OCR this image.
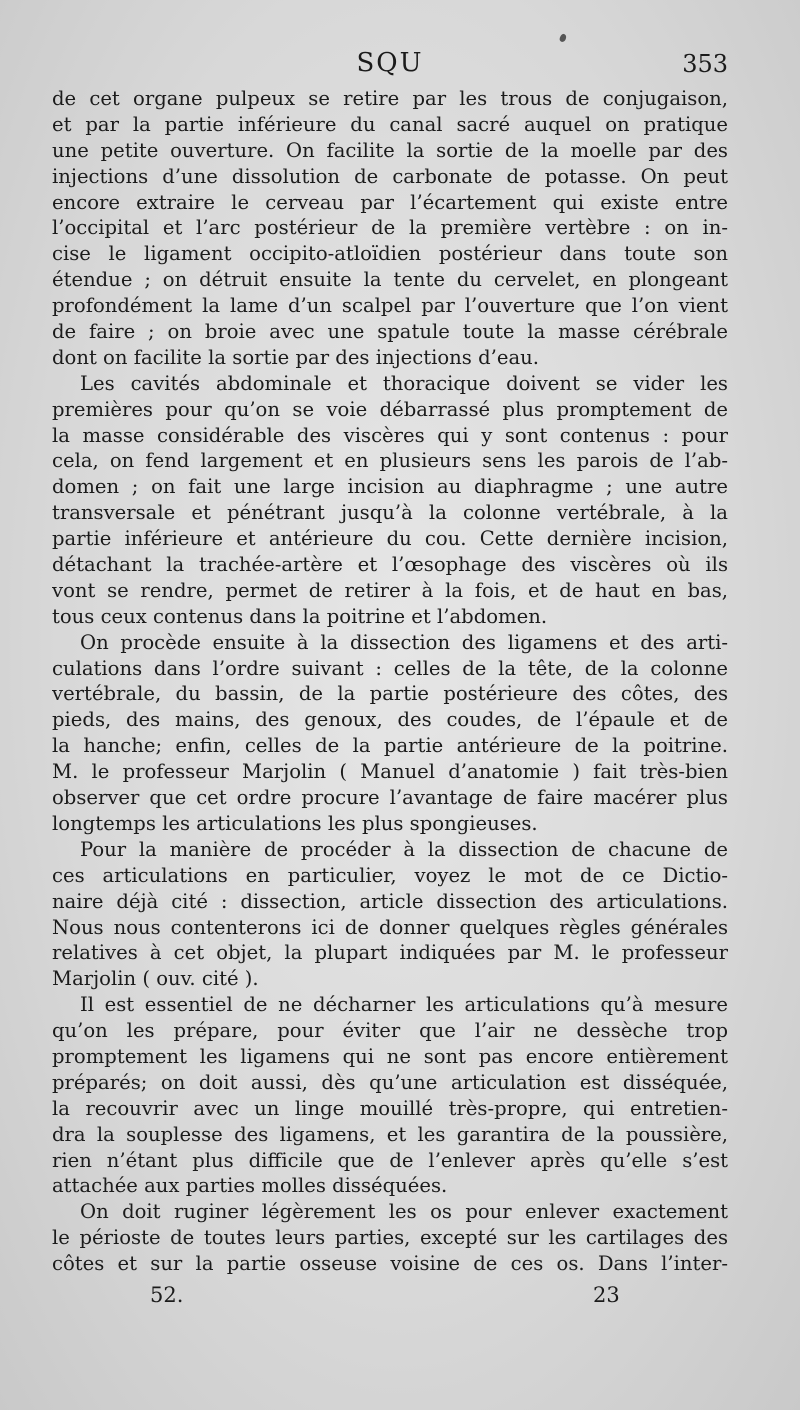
SQU	353
de cet organe pulpeux se retire par les trous de conjugaison,
et par la partie inférieure du canal sacré auquel on pratique
une petite ouverture. On facilite la sortie de la moelle par des
injections d’une dissolution de carbonate de potasse. On peut
encore extraire le cerveau par l’écartement qui existe entre
l’occipital et l’arc postérieur de la première vertèbre : on in-
cise le ligament occipito-atloïdien postérieur dans toute son
étendue ; on détruit ensuite la tente du cervelet, en plongeant
profondément la lame d’un scalpel par l’ouverture que l’on vient
de faire ; on broie avec une spatule toute la masse cérébrale
dont on facilite la sortie par des injections d’eau.
Les cavités abdominale et thoracique doivent se vider les
premières pour qu’on se voie débarrassé plus promptement de
la masse considérable des viscères qui y sont contenus : pour
cela, on fend largement et en plusieurs sens les parois de l’ab-
domen ; on fait une large incision au diaphragme ; une autre
transversale et pénétrant jusqu’à la colonne vertébrale, à la
partie inférieure et antérieure du cou. Cette dernière incision,
détachant la trachée-artère et l’œsophage des viscères où ils
vont se rendre, permet de retirer à la fois, et de haut en bas,
tous ceux contenus dans la poitrine et l’abdomen.
On procède ensuite à la dissection des ligamens et des arti-
culations dans l’ordre suivant : celles de la tête, de la colonne
vertébrale, du bassin, de la partie postérieure des côtes, des
pieds, des mains, des genoux, des coudes, de l’épaule et de
la hanche; enfin, celles de la partie antérieure de la poitrine.
M. le professeur Marjolin ( Manuel d’anatomie ) fait très-bien
observer que cet ordre procure l’avantage de faire macérer plus
longtemps les articulations les plus spongieuses.
Pour la manière de procéder à la dissection de chacune de
ces articulations en particulier, voyez le mot de ce Dictio-
naire déjà cité : dissection, article dissection des articulations.
Nous nous contenterons ici de donner quelques règles générales
relatives à cet objet, la plupart indiquées par M. le professeur
Marjolin ( ouv. cité ).
Il est essentiel de ne décharner les articulations qu’à mesure
qu’on les prépare, pour éviter que l’air ne dessèche trop
promptement les ligamens qui ne sont pas encore entièrement
préparés; on doit aussi, dès qu’une articulation est disséquée,
la recouvrir avec un linge mouillé très-propre, qui entretien-
dra la souplesse des ligamens, et les garantira de la poussière,
rien n’étant plus difficile que de l’enlever après qu’elle s’est
attachée aux parties molles disséquées.
On doit ruginer légèrement les os pour enlever exactement
le périoste de toutes leurs parties, excepté sur les cartilages des
côtes et sur la partie osseuse voisine de ces os. Dans l’inter-
52.	23
